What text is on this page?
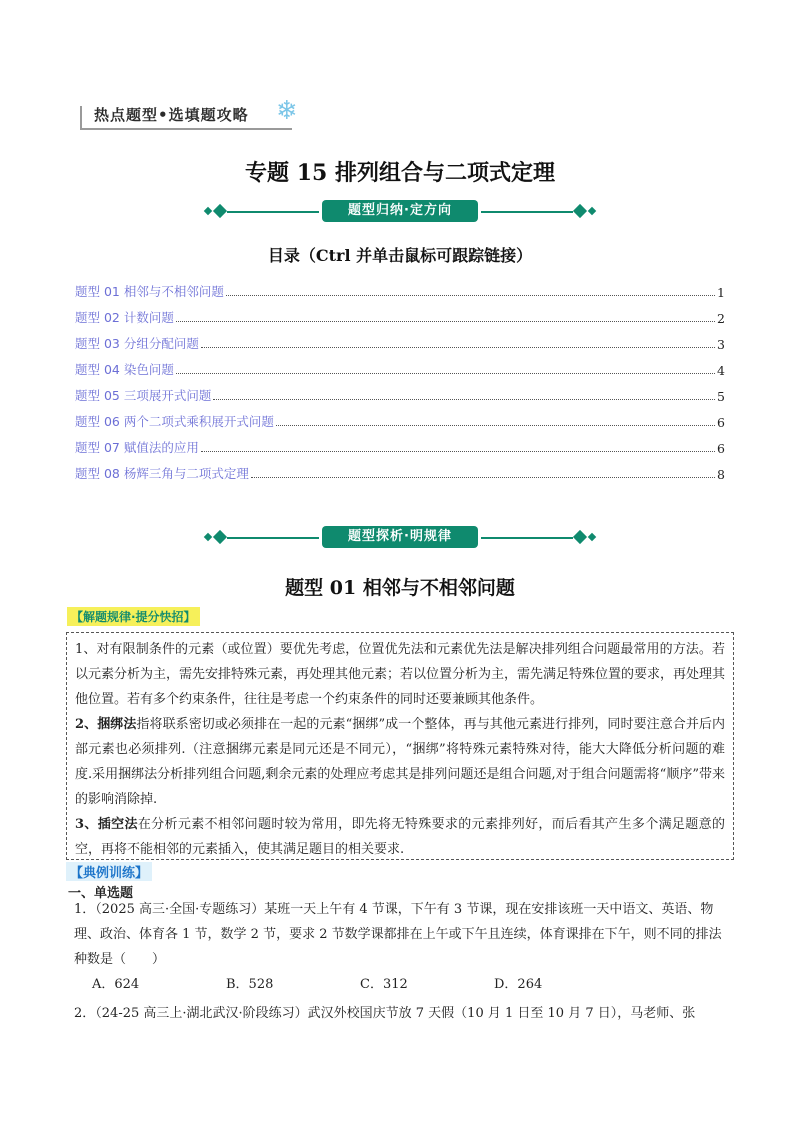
热点题型•选填题攻略 ❄
专题 15 排列组合与二项式定理
题型归纳·定方向
目录（Ctrl 并单击鼠标可跟踪链接）
题型 01 相邻与不相邻问题	1
题型 02 计数问题	2
题型 03 分组分配问题	3
题型 04 染色问题	4
题型 05 三项展开式问题	5
题型 06 两个二项式乘积展开式问题	6
题型 07 赋值法的应用	6
题型 08 杨辉三角与二项式定理	8
题型探析·明规律
题型 01 相邻与不相邻问题
【解题规律·提分快招】

1、对有限制条件的元素（或位置）要优先考虑，位置优先法和元素优先法是解决排列组合问题最常用的方法。若以元素分析为主，需先安排特殊元素，再处理其他元素；若以位置分析为主，需先满足特殊位置的要求，再处理其他位置。若有多个约束条件，往往是考虑一个约束条件的同时还要兼顾其他条件。

2、捆绑法指将联系密切或必须排在一起的元素“捆绑”成一个整体，再与其他元素进行排列，同时要注意合并后内部元素也必须排列.（注意捆绑元素是同元还是不同元），“捆绑”将特殊元素特殊对待，能大大降低分析问题的难度.采用捆绑法分析排列组合问题,剩余元素的处理应考虑其是排列问题还是组合问题,对于组合问题需将“顺序”带来的影响消除掉.

3、插空法在分析元素不相邻问题时较为常用，即先将无特殊要求的元素排列好，而后看其产生多个满足题意的空，再将不能相邻的元素插入，使其满足题目的相关要求.

【典例训练】
一、单选题

1．（2025 高三·全国·专题练习）某班一天上午有 4 节课，下午有 3 节课，现在安排该班一天中语文、英语、物理、政治、体育各 1 节，数学 2 节，要求 2 节数学课都排在上午或下午且连续，体育课排在下午，则不同的排法种数是（　　）

A．624	B．528	C．312	D．264

2．（24-25 高三上·湖北武汉·阶段练习）武汉外校国庆节放 7 天假（10 月 1 日至 10 月 7 日），马老师、张
